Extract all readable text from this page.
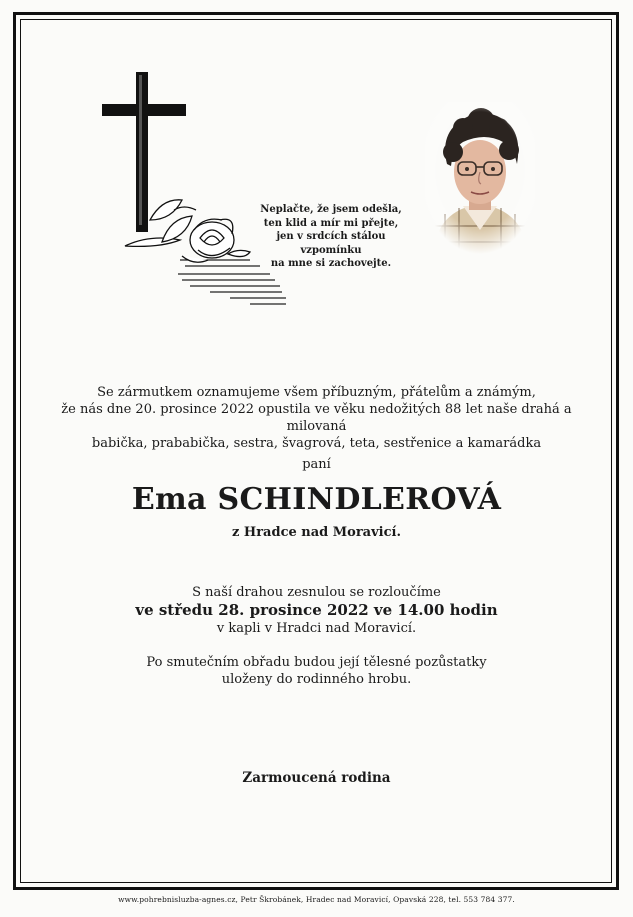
Neplačte, že jsem odešla,
ten klid a mír mi přejte,
jen v srdcích stálou vzpomínku
na mne si zachovejte.
Se zármutkem oznamujeme všem příbuzným, přátelům a známým,
že nás dne 20. prosince 2022 opustila ve věku nedožitých 88 let naše drahá a milovaná
babička, prababička, sestra, švagrová, teta, sestřenice a kamarádka
paní
Ema SCHINDLEROVÁ
z Hradce nad Moravicí.
S naší drahou zesnulou se rozloučíme
ve středu 28. prosince 2022 ve 14.00 hodin
v kapli v Hradci nad Moravicí.
Po smutečním obřadu budou její tělesné pozůstatky
uloženy do rodinného hrobu.
Zarmoucená rodina
www.pohrebnisluzba-agnes.cz, Petr Škrobánek, Hradec nad Moravicí, Opavská 228, tel. 553 784 377.
